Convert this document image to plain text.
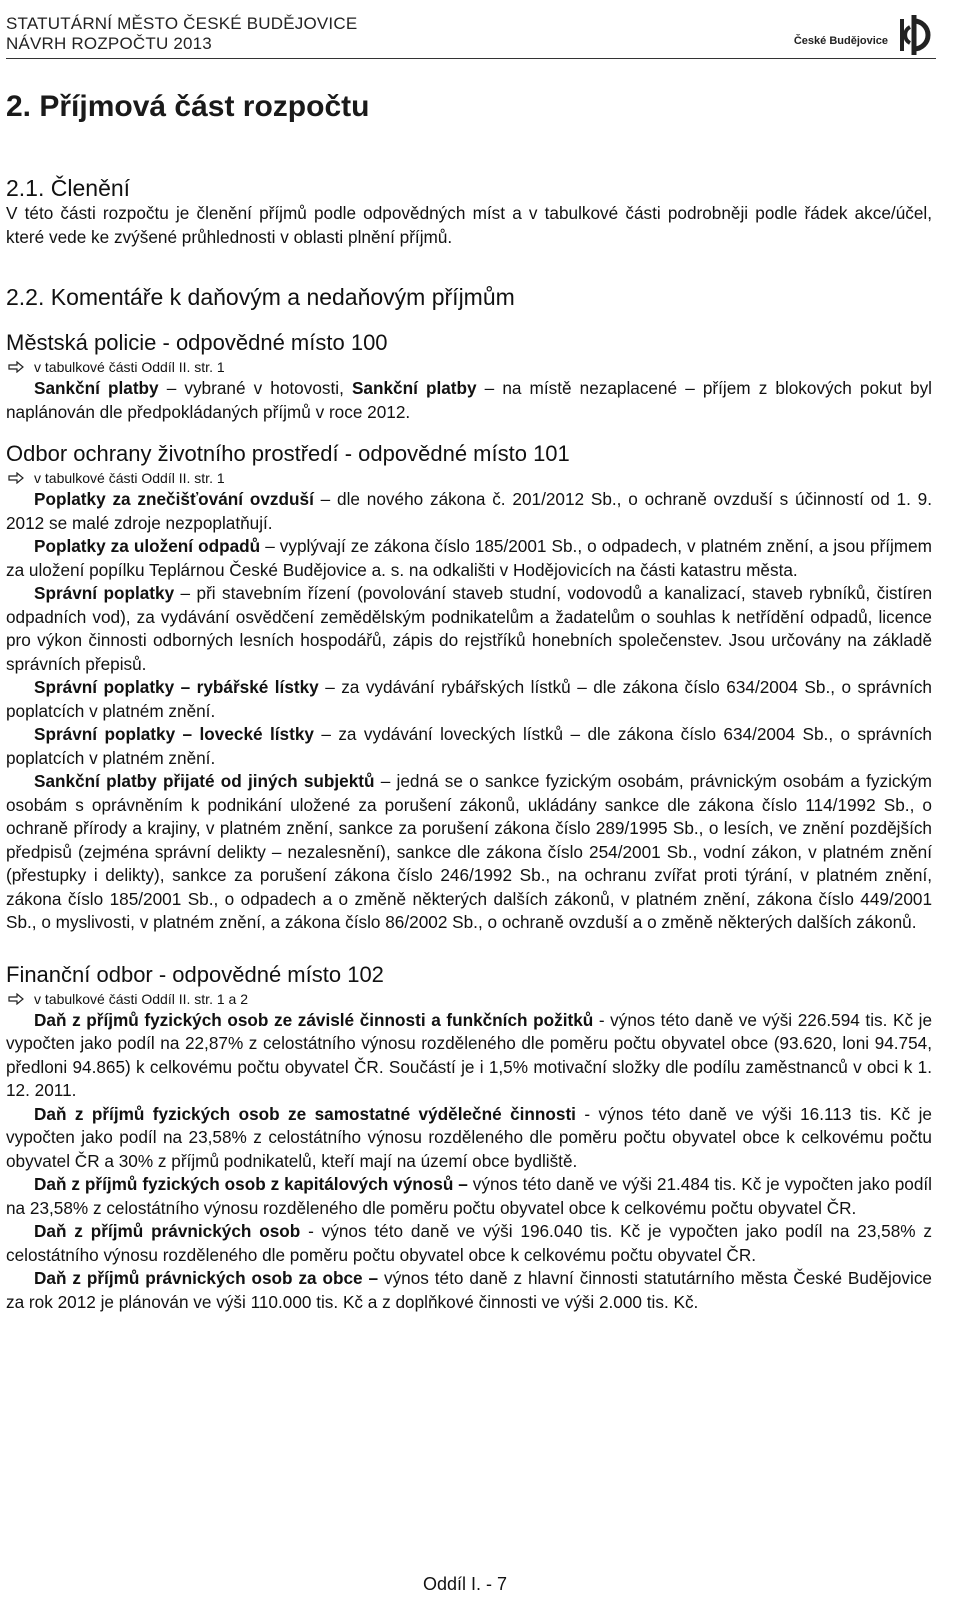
STATUTÁRNÍ MĚSTO ČESKÉ BUDĚJOVICE
NÁVRH ROZPOČTU 2013	České Budějovice
2. Příjmová část rozpočtu
2.1. Členění

V této části rozpočtu je členění příjmů podle odpovědných míst a v tabulkové části podrobněji podle řádek akce/účel, které vede ke zvýšené průhlednosti v oblasti plnění příjmů.

2.2. Komentáře k daňovým a nedaňovým příjmům
Městská policie - odpovědné místo 100
v tabulkové části Oddíl II. str. 1

Sankční platby – vybrané v hotovosti, Sankční platby – na místě nezaplacené – příjem z blokových pokut byl naplánován dle předpokládaných příjmů v roce 2012.

Odbor ochrany životního prostředí - odpovědné místo 101
v tabulkové části Oddíl II. str. 1

Poplatky za znečišťování ovzduší – dle nového zákona č. 201/2012 Sb., o ochraně ovzduší s účinností od 1. 9. 2012 se malé zdroje nezpoplatňují.

Poplatky za uložení odpadů – vyplývají ze zákona číslo 185/2001 Sb., o odpadech, v platném znění, a jsou příjmem za uložení popílku Teplárnou České Budějovice a. s. na odkališti v Hodějovicích na části katastru města.

Správní poplatky – při stavebním řízení (povolování staveb studní, vodovodů a kanalizací, staveb rybníků, čistíren odpadních vod), za vydávání osvědčení zemědělským podnikatelům a žadatelům o souhlas k netřídění odpadů, licence pro výkon činnosti odborných lesních hospodářů, zápis do rejstříků honebních společenstev. Jsou určovány na základě správních přepisů.

Správní poplatky – rybářské lístky – za vydávání rybářských lístků – dle zákona číslo 634/2004 Sb., o správních poplatcích v platném znění.

Správní poplatky – lovecké lístky – za vydávání loveckých lístků – dle zákona číslo 634/2004 Sb., o správních poplatcích v platném znění.

Sankční platby přijaté od jiných subjektů – jedná se o sankce fyzickým osobám, právnickým osobám a fyzickým osobám s oprávněním k podnikání uložené za porušení zákonů, ukládány sankce dle zákona číslo 114/1992 Sb., o ochraně přírody a krajiny, v platném znění, sankce za porušení zákona číslo 289/1995 Sb., o lesích, ve znění pozdějších předpisů (zejména správní delikty – nezalesnění), sankce dle zákona číslo 254/2001 Sb., vodní zákon, v platném znění (přestupky i delikty), sankce za porušení zákona číslo 246/1992 Sb., na ochranu zvířat proti týrání, v platném znění, zákona číslo 185/2001 Sb., o odpadech a o změně některých dalších zákonů, v platném znění, zákona číslo 449/2001 Sb., o myslivosti, v platném znění, a zákona číslo 86/2002 Sb., o ochraně ovzduší a o změně některých dalších zákonů.

Finanční odbor - odpovědné místo 102
v tabulkové části Oddíl II. str. 1 a 2

Daň z příjmů fyzických osob ze závislé činnosti a funkčních požitků - výnos této daně ve výši 226.594 tis. Kč je vypočten jako podíl na 22,87% z celostátního výnosu rozděleného dle poměru počtu obyvatel obce (93.620, loni 94.754, předloni 94.865) k celkovému počtu obyvatel ČR. Součástí je i 1,5% motivační složky dle podílu zaměstnanců v obci k 1. 12. 2011.

Daň z příjmů fyzických osob ze samostatné výdělečné činnosti - výnos této daně ve výši 16.113 tis. Kč je vypočten jako podíl na 23,58% z celostátního výnosu rozděleného dle poměru počtu obyvatel obce k celkovému počtu obyvatel ČR a 30% z příjmů podnikatelů, kteří mají na území obce bydliště.

Daň z příjmů fyzických osob z kapitálových výnosů – výnos této daně ve výši 21.484 tis. Kč je vypočten jako podíl na 23,58% z celostátního výnosu rozděleného dle poměru počtu obyvatel obce k celkovému počtu obyvatel ČR.

Daň z příjmů právnických osob - výnos této daně ve výši 196.040 tis. Kč je vypočten jako podíl na 23,58% z celostátního výnosu rozděleného dle poměru počtu obyvatel obce k celkovému počtu obyvatel ČR.

Daň z příjmů právnických osob za obce – výnos této daně z hlavní činnosti statutárního města České Budějovice za rok 2012 je plánován ve výši 110.000 tis. Kč a z doplňkové činnosti ve výši 2.000 tis. Kč.

Oddíl I. - 7
